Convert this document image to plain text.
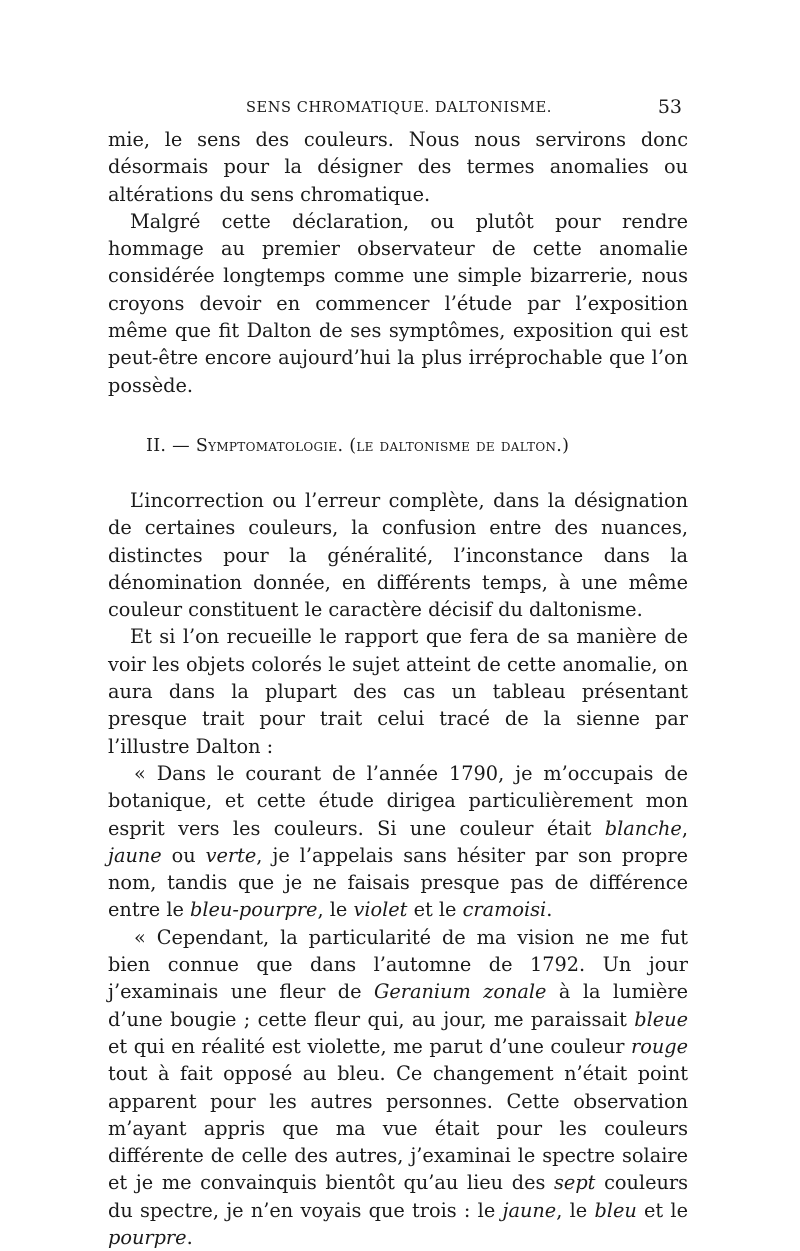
SENS CHROMATIQUE. DALTONISME.	53

mie, le sens des couleurs. Nous nous servirons donc désormais pour la désigner des termes anomalies ou altérations du sens chromatique.

Malgré cette déclaration, ou plutôt pour rendre hommage au premier observateur de cette anomalie considérée longtemps comme une simple bizarrerie, nous croyons devoir en commencer l’étude par l’exposition même que fit Dalton de ses symptômes, exposition qui est peut-être encore aujourd’hui la plus irréprochable que l’on possède.

II. — Symptomatologie. (le daltonisme de dalton.)

L’incorrection ou l’erreur complète, dans la désignation de certaines couleurs, la confusion entre des nuances, distinctes pour la généralité, l’inconstance dans la dénomination donnée, en différents temps, à une même couleur constituent le caractère décisif du daltonisme.

Et si l’on recueille le rapport que fera de sa manière de voir les objets colorés le sujet atteint de cette anomalie, on aura dans la plupart des cas un tableau présentant presque trait pour trait celui tracé de la sienne par l’illustre Dalton :

« Dans le courant de l’année 1790, je m’occupais de botanique, et cette étude dirigea particulièrement mon esprit vers les couleurs. Si une couleur était blanche, jaune ou verte, je l’appelais sans hésiter par son propre nom, tandis que je ne faisais presque pas de différence entre le bleu-pourpre, le violet et le cramoisi.

« Cependant, la particularité de ma vision ne me fut bien connue que dans l’automne de 1792. Un jour j’examinais une fleur de Geranium zonale à la lumière d’une bougie ; cette fleur qui, au jour, me paraissait bleue et qui en réalité est violette, me parut d’une couleur rouge tout à fait opposé au bleu. Ce changement n’était point apparent pour les autres personnes. Cette observation m’ayant appris que ma vue était pour les couleurs différente de celle des autres, j’examinai le spectre solaire et je me convainquis bientôt qu’au lieu des sept couleurs du spectre, je n’en voyais que trois : le jaune, le bleu et le pourpre.
